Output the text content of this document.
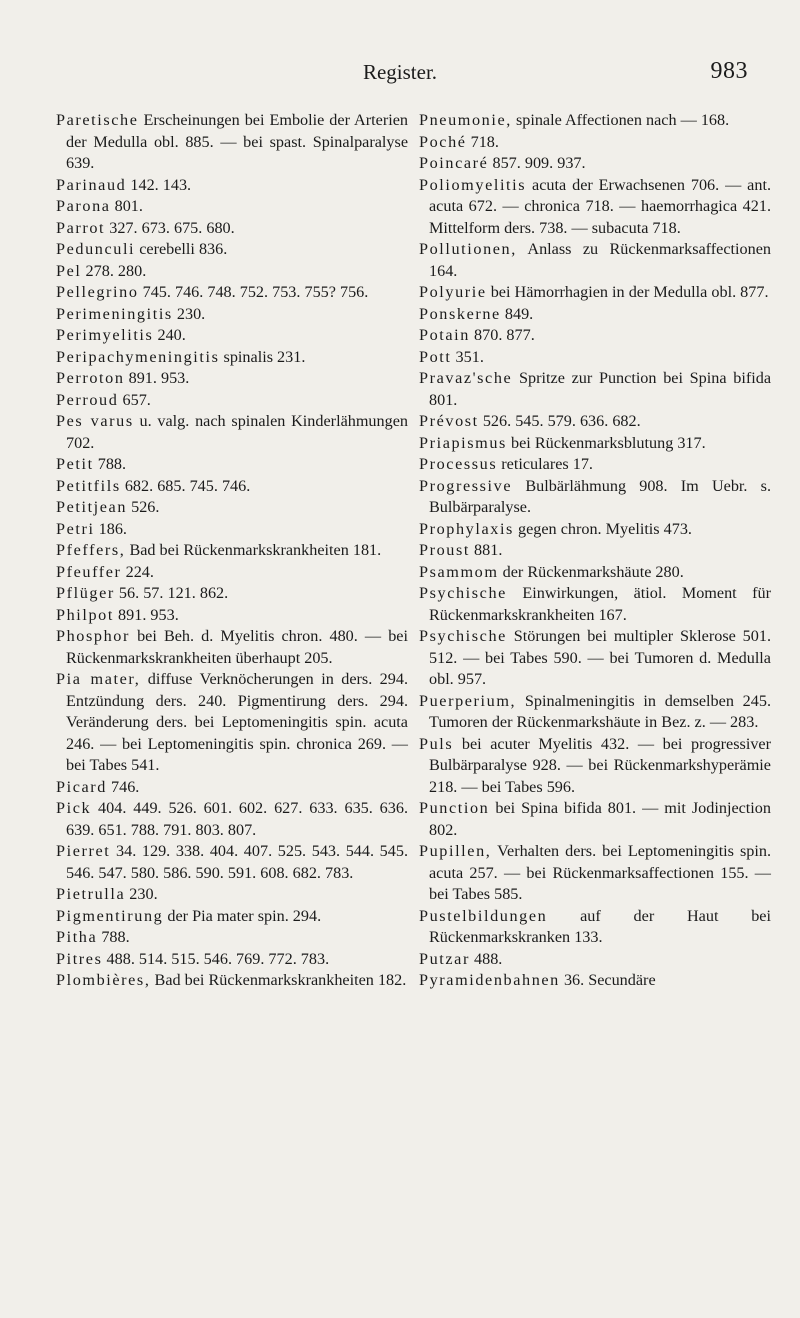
Register.	983

Paretische Erscheinungen bei Embolie der Arterien der Medulla obl. 885. — bei spast. Spinalparalyse 639.

Parinaud 142. 143.

Parona 801.

Parrot 327. 673. 675. 680.

Pedunculi cerebelli 836.

Pel 278. 280.

Pellegrino 745. 746. 748. 752. 753. 755? 756.

Perimeningitis 230.

Perimyelitis 240.

Peripachymeningitis spinalis 231.

Perroton 891. 953.

Perroud 657.

Pes varus u. valg. nach spinalen Kinderlähmungen 702.

Petit 788.

Petitfils 682. 685. 745. 746.

Petitjean 526.

Petri 186.

Pfeffers, Bad bei Rückenmarkskrankheiten 181.

Pfeuffer 224.

Pflüger 56. 57. 121. 862.

Philpot 891. 953.

Phosphor bei Beh. d. Myelitis chron. 480. — bei Rückenmarkskrankheiten überhaupt 205.

Pia mater, diffuse Verknöcherungen in ders. 294. Entzündung ders. 240. Pigmentirung ders. 294. Veränderung ders. bei Leptomeningitis spin. acuta 246. — bei Leptomeningitis spin. chronica 269. — bei Tabes 541.

Picard 746.

Pick 404. 449. 526. 601. 602. 627. 633. 635. 636. 639. 651. 788. 791. 803. 807.

Pierret 34. 129. 338. 404. 407. 525. 543. 544. 545. 546. 547. 580. 586. 590. 591. 608. 682. 783.

Pietrulla 230.

Pigmentirung der Pia mater spin. 294.

Pitha 788.

Pitres 488. 514. 515. 546. 769. 772. 783.

Plombières, Bad bei Rückenmarkskrankheiten 182.

Pneumonie, spinale Affectionen nach — 168.

Poché 718.

Poincaré 857. 909. 937.

Poliomyelitis acuta der Erwachsenen 706. — ant. acuta 672. — chronica 718. — haemorrhagica 421. Mittelform ders. 738. — subacuta 718.

Pollutionen, Anlass zu Rückenmarksaffectionen 164.

Polyurie bei Hämorrhagien in der Medulla obl. 877.

Ponskerne 849.

Potain 870. 877.

Pott 351.

Pravaz'sche Spritze zur Punction bei Spina bifida 801.

Prévost 526. 545. 579. 636. 682.

Priapismus bei Rückenmarksblutung 317.

Processus reticulares 17.

Progressive Bulbärlähmung 908. Im Uebr. s. Bulbärparalyse.

Prophylaxis gegen chron. Myelitis 473.

Proust 881.

Psammom der Rückenmarkshäute 280.

Psychische Einwirkungen, ätiol. Moment für Rückenmarkskrankheiten 167.

Psychische Störungen bei multipler Sklerose 501. 512. — bei Tabes 590. — bei Tumoren d. Medulla obl. 957.

Puerperium, Spinalmeningitis in demselben 245. Tumoren der Rückenmarkshäute in Bez. z. — 283.

Puls bei acuter Myelitis 432. — bei progressiver Bulbärparalyse 928. — bei Rückenmarkshyperämie 218. — bei Tabes 596.

Punction bei Spina bifida 801. — mit Jodinjection 802.

Pupillen, Verhalten ders. bei Leptomeningitis spin. acuta 257. — bei Rückenmarksaffectionen 155. — bei Tabes 585.

Pustelbildungen auf der Haut bei Rückenmarkskranken 133.

Putzar 488.

Pyramidenbahnen 36. Secundäre
